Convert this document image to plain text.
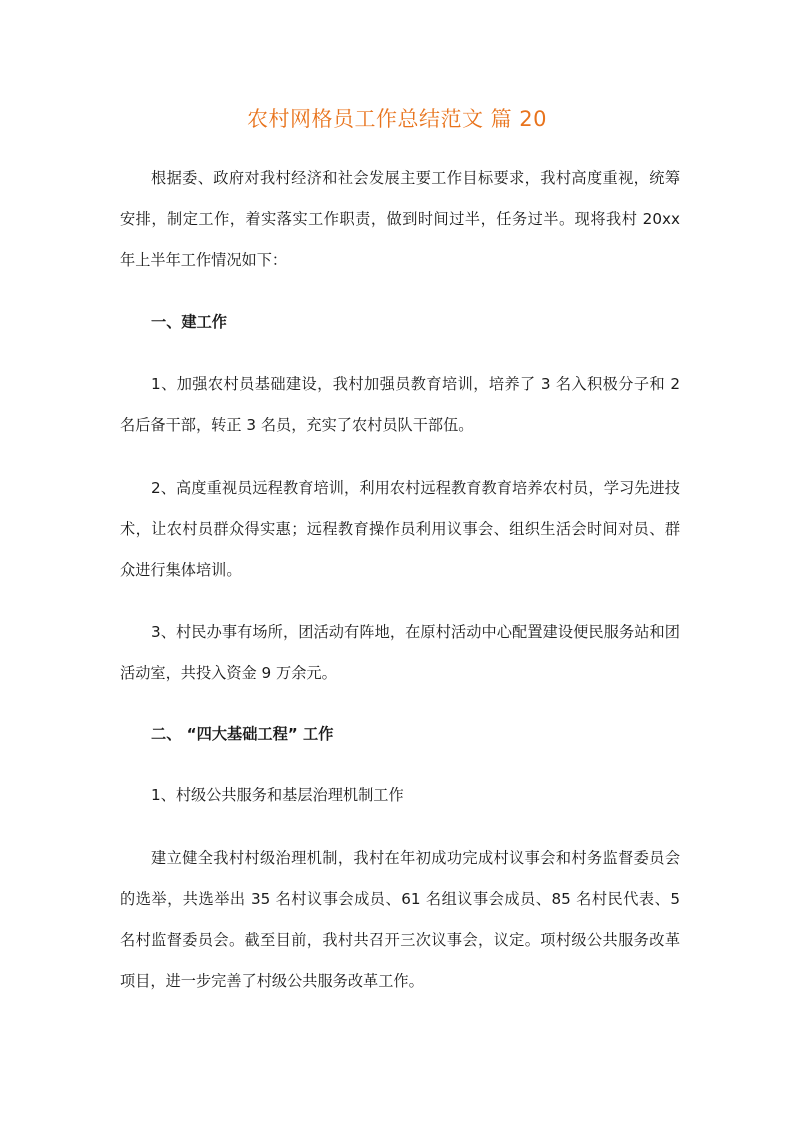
农村网格员工作总结范文 篇 20

根据委、政府对我村经济和社会发展主要工作目标要求，我村高度重视，统筹安排，制定工作，着实落实工作职责，做到时间过半，任务过半。现将我村 20xx 年上半年工作情况如下：

一、建工作

1、加强农村员基础建设，我村加强员教育培训，培养了 3 名入积极分子和 2 名后备干部，转正 3 名员，充实了农村员队干部伍。

2、高度重视员远程教育培训，利用农村远程教育教育培养农村员，学习先进技术，让农村员群众得实惠；远程教育操作员利用议事会、组织生活会时间对员、群众进行集体培训。

3、村民办事有场所，团活动有阵地，在原村活动中心配置建设便民服务站和团活动室，共投入资金 9 万余元。

二、 “四大基础工程” 工作

1、村级公共服务和基层治理机制工作

建立健全我村村级治理机制，我村在年初成功完成村议事会和村务监督委员会的选举，共选举出 35 名村议事会成员、61 名组议事会成员、85 名村民代表、5 名村监督委员会。截至目前，我村共召开三次议事会，议定。项村级公共服务改革项目，进一步完善了村级公共服务改革工作。
